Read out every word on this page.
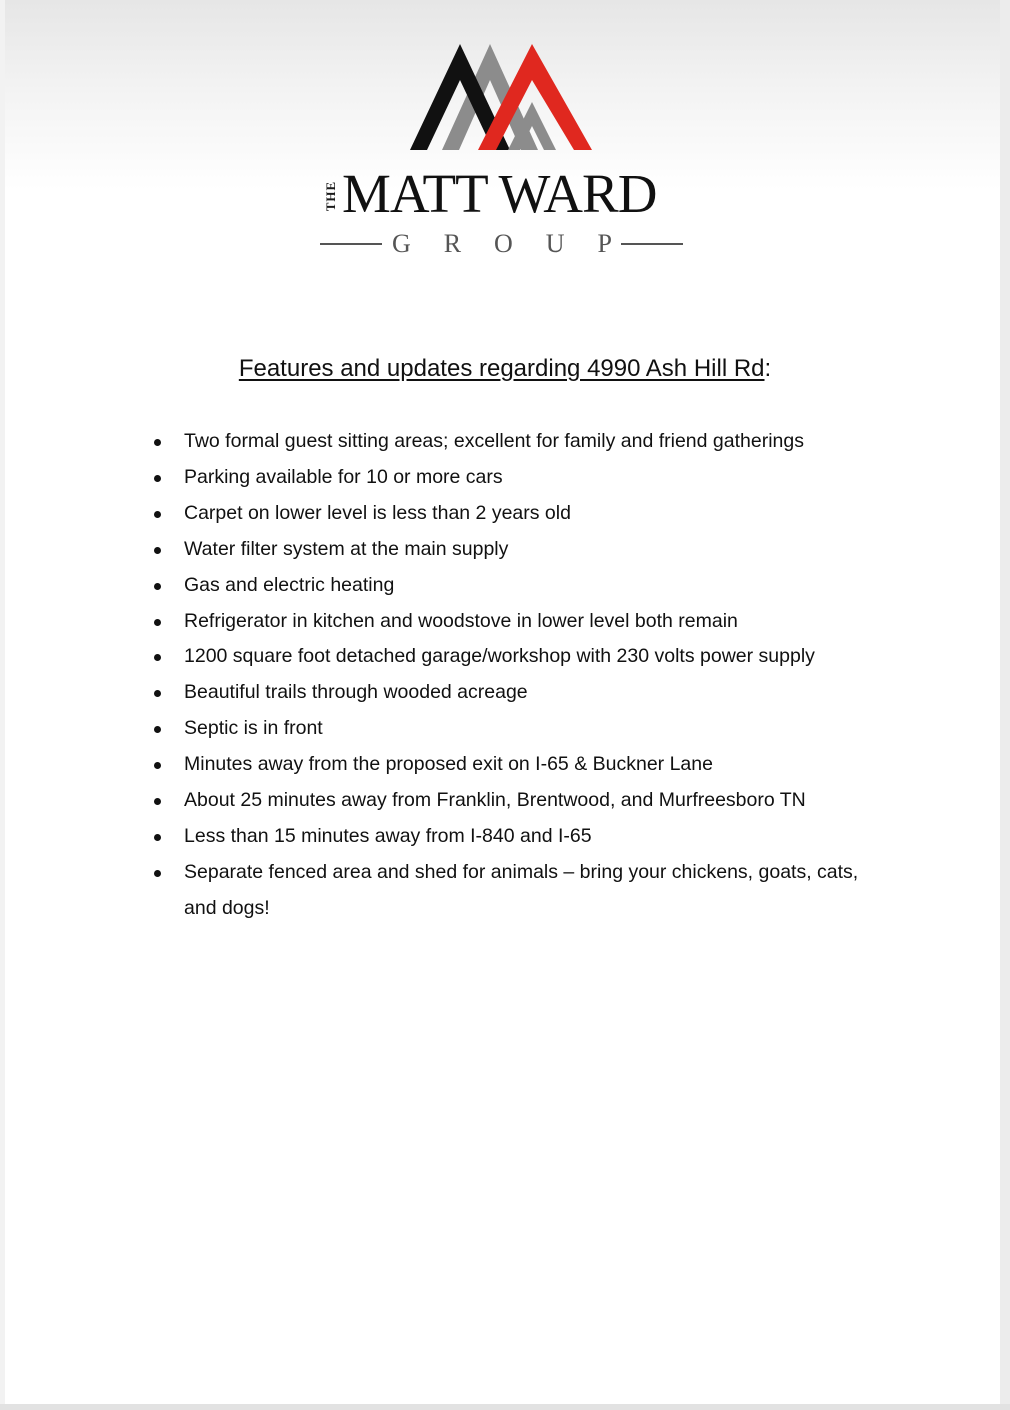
THE MATT WARD
G R O U P
Features and updates regarding 4990 Ash Hill Rd:
Two formal guest sitting areas; excellent for family and friend gatherings
Parking available for 10 or more cars
Carpet on lower level is less than 2 years old
Water filter system at the main supply
Gas and electric heating
Refrigerator in kitchen and woodstove in lower level both remain
1200 square foot detached garage/workshop with 230 volts power supply
Beautiful trails through wooded acreage
Septic is in front
Minutes away from the proposed exit on I-65 & Buckner Lane
About 25 minutes away from Franklin, Brentwood, and Murfreesboro TN
Less than 15 minutes away from I-840 and I-65
Separate fenced area and shed for animals – bring your chickens, goats, cats, and dogs!
